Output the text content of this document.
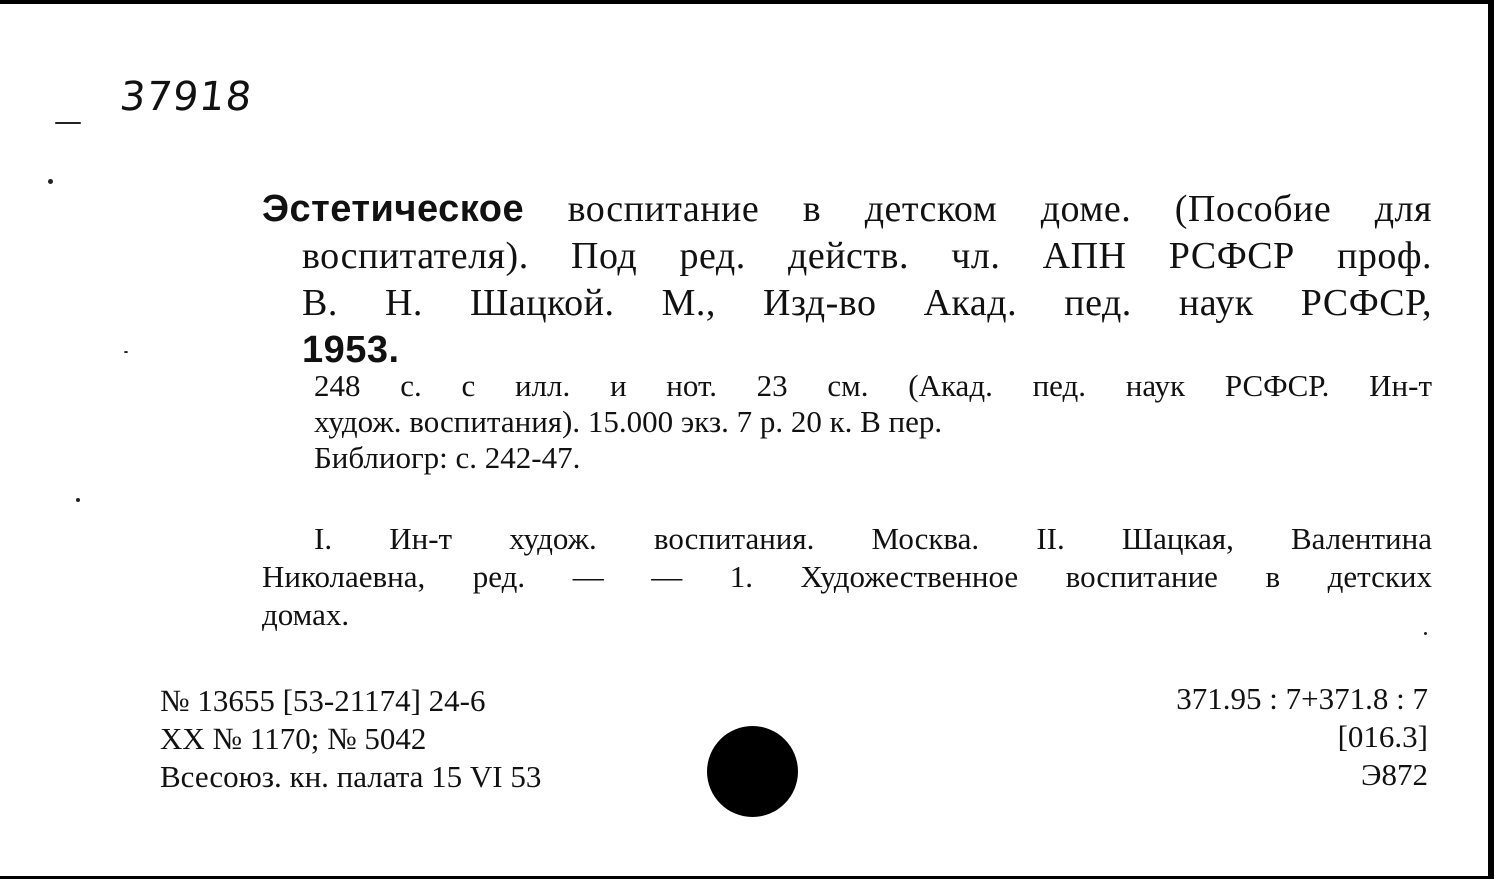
37918
Эстетическое воспитание в детском доме. (Пособие для
воспитателя). Под ред. действ. чл. АПН РСФСР проф.
В. Н. Шацкой. М., Изд-во Акад. пед. наук РСФСР,
1953.
248 с. с илл. и нот. 23 см. (Акад. пед. наук РСФСР. Ин-т
худож. воспитания). 15.000 экз. 7 р. 20 к. В пер.
Библиогр: с. 242-47.
I. Ин-т худож. воспитания. Москва. II. Шацкая, Валентина
Николаевна, ред. — — 1. Художественное воспитание в детских
домах.
№ 13655 [53-21174] 24-6
ХХ № 1170; № 5042
Всесоюз. кн. палата 15 VI 53
371.95 : 7+371.8 : 7
[016.3]
Э872
